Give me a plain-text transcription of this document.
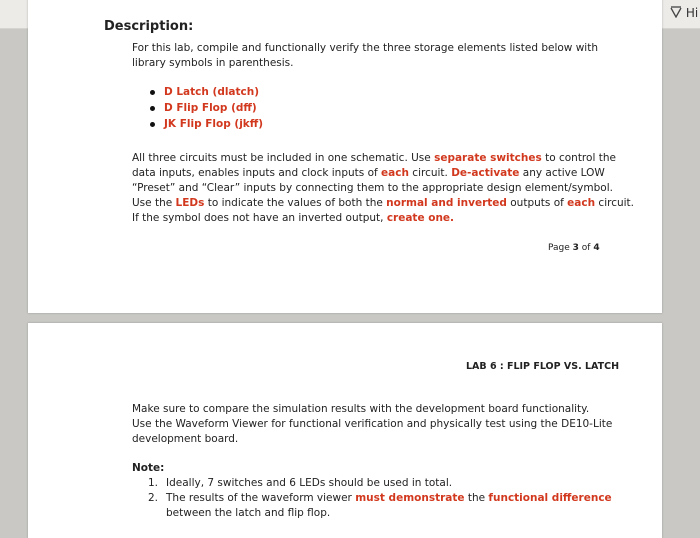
Hi
Description:
For this lab, compile and functionally verify the three storage elements listed below with
library symbols in parenthesis.
D Latch (dlatch)
D Flip Flop (dff)
JK Flip Flop (jkff)
All three circuits must be included in one schematic. Use separate switches to control the
data inputs, enables inputs and clock inputs of each circuit. De-activate any active LOW
“Preset” and “Clear” inputs by connecting them to the appropriate design element/symbol.
Use the LEDs to indicate the values of both the normal and inverted outputs of each circuit.
If the symbol does not have an inverted output, create one.
Page 3 of 4
LAB 6 : FLIP FLOP VS. LATCH
Make sure to compare the simulation results with the development board functionality.
Use the Waveform Viewer for functional verification and physically test using the DE10-Lite
development board.
Note:
1. Ideally, 7 switches and 6 LEDs should be used in total.
2. The results of the waveform viewer must demonstrate the functional difference
between the latch and flip flop.
